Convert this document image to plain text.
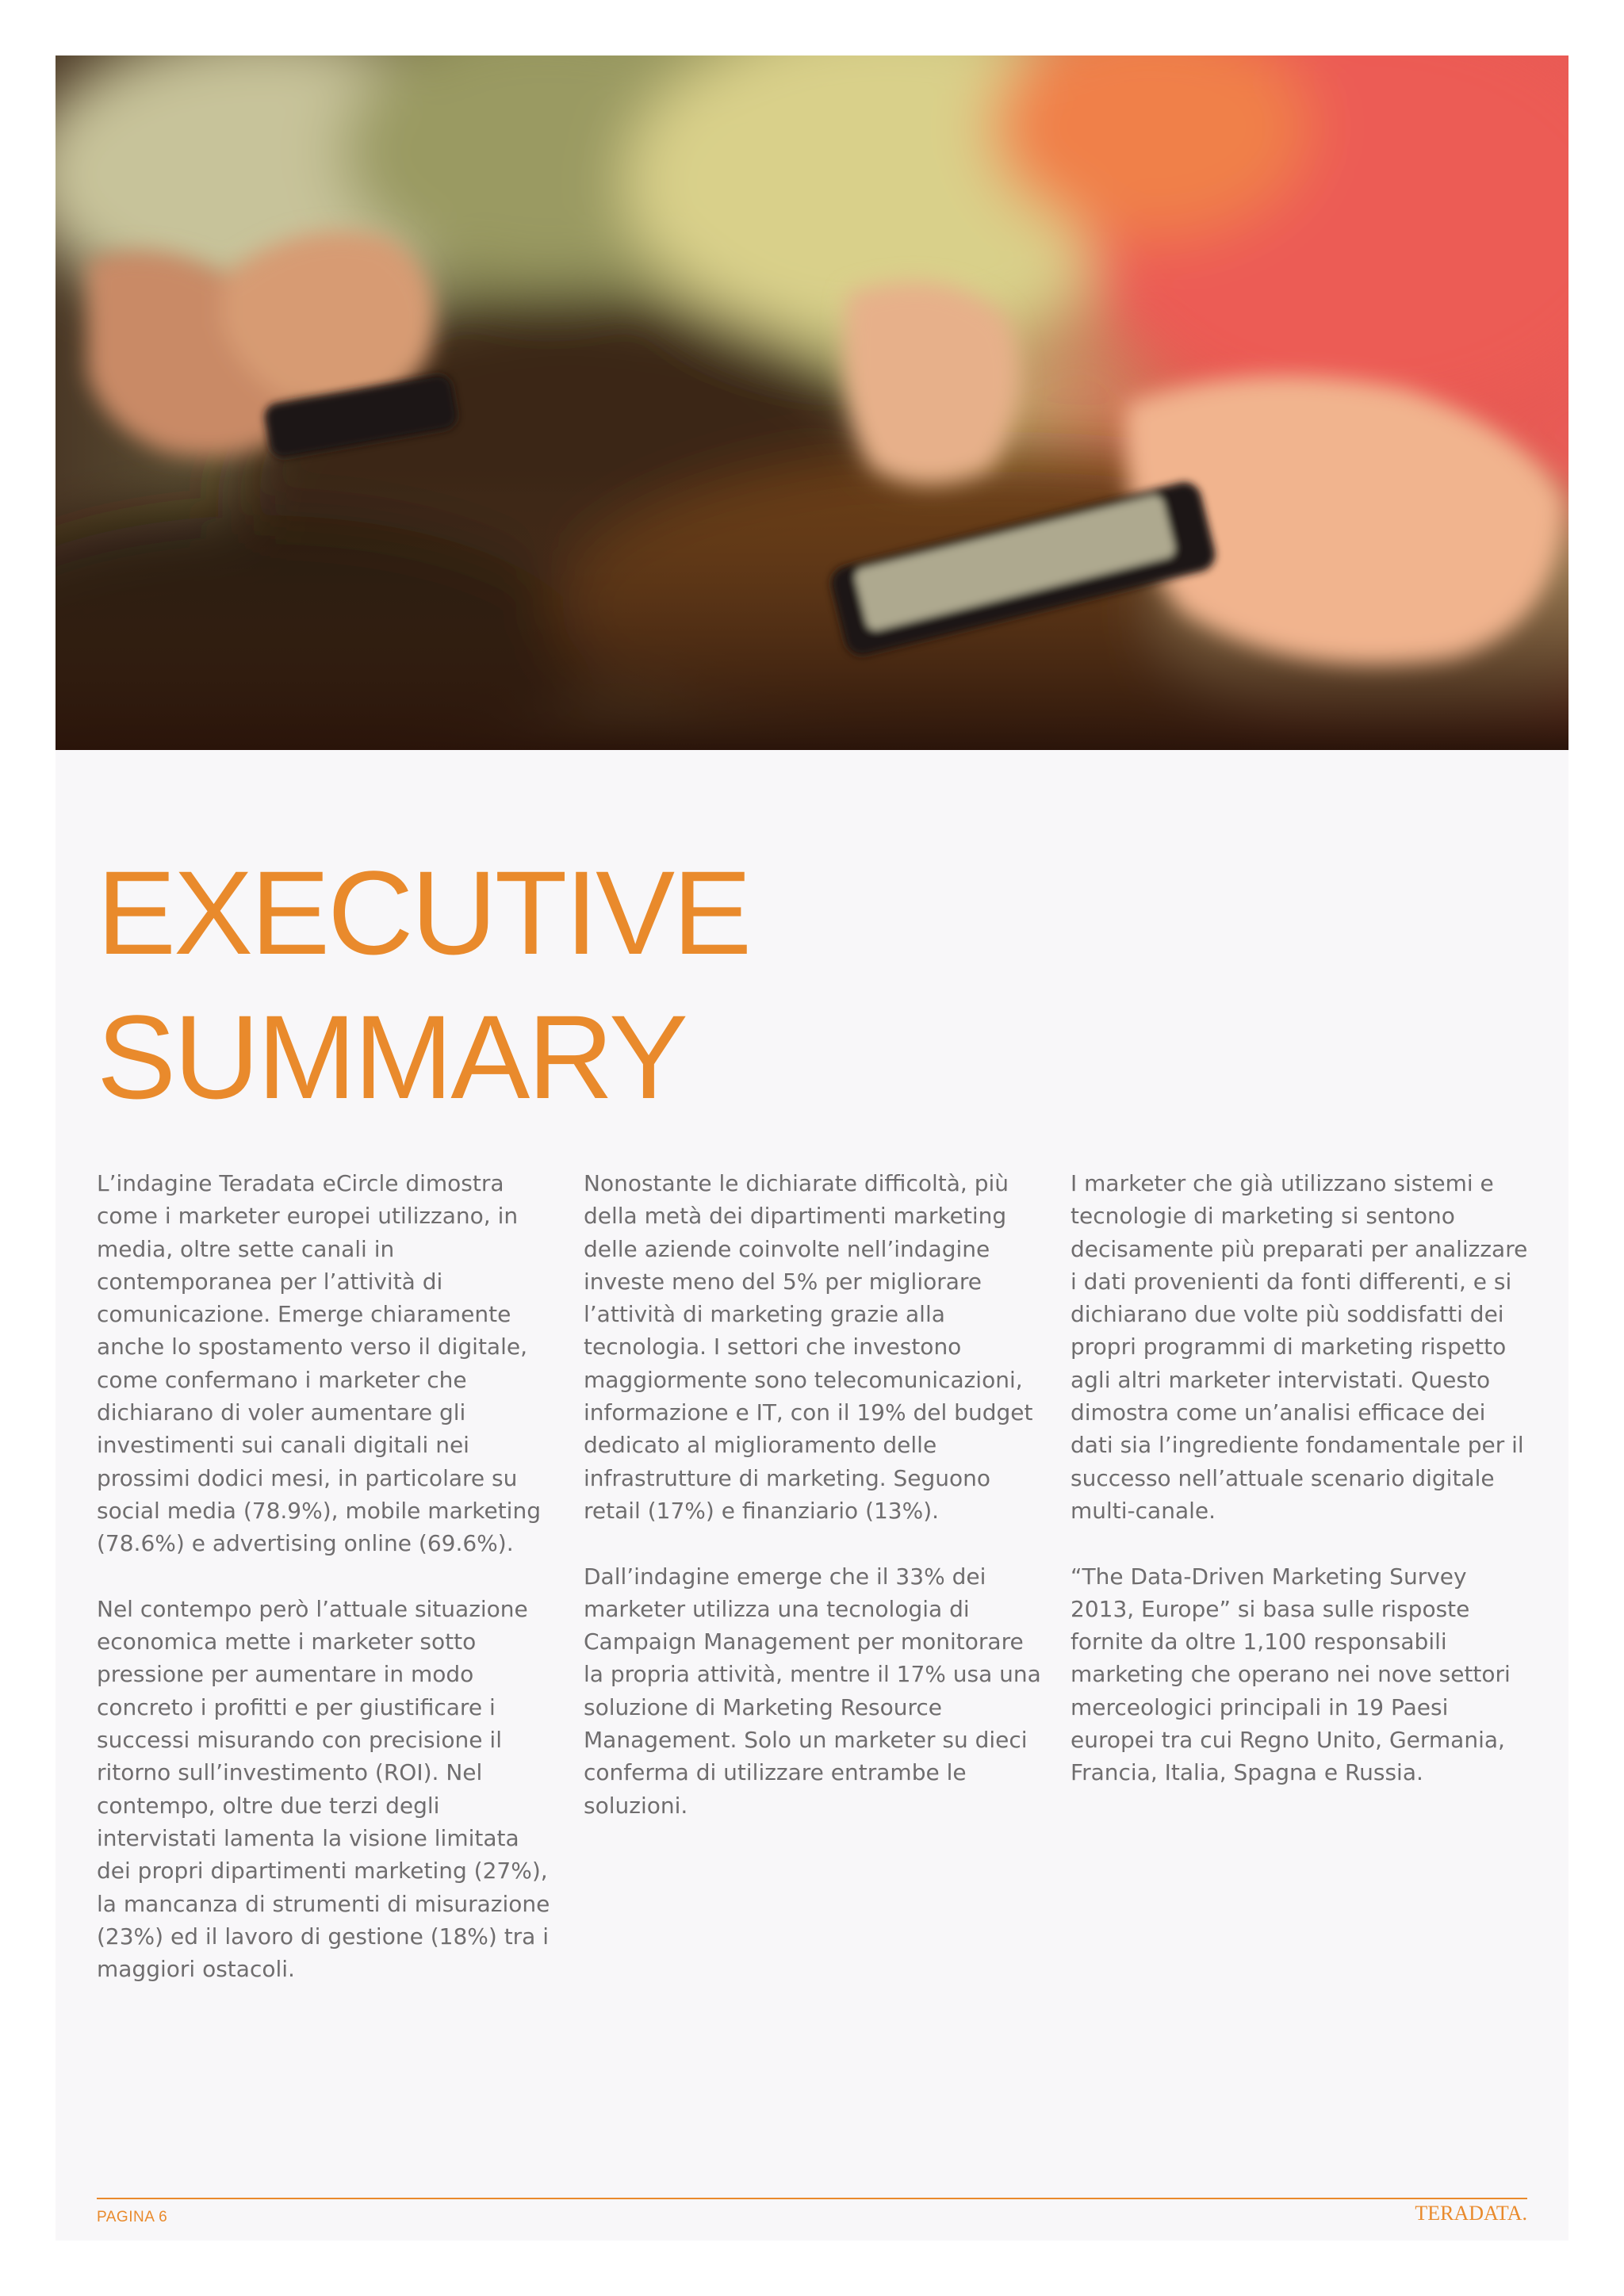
EXECUTIVE
SUMMARY

L’indagine Teradata eCircle dimostra come i marketer europei utilizzano, in media, oltre sette canali in contemporanea per l’attività di comunicazione. Emerge chiaramente anche lo spostamento verso il digitale, come confermano i marketer che dichiarano di voler aumentare gli investimenti sui canali digitali nei prossimi dodici mesi, in particolare su social media (78.9%), mobile marketing (78.6%) e advertising online (69.6%).

Nel contempo però l’attuale situazione economica mette i marketer sotto pressione per aumentare in modo concreto i profitti e per giustificare i successi misurando con precisione il ritorno sull’investimento (ROI). Nel contempo, oltre due terzi degli intervistati lamenta la visione limitata dei propri dipartimenti marketing (27%), la mancanza di strumenti di misurazione (23%) ed il lavoro di gestione (18%) tra i maggiori ostacoli.

Nonostante le dichiarate difficoltà, più della metà dei dipartimenti marketing delle aziende coinvolte nell’indagine investe meno del 5% per migliorare l’attività di marketing grazie alla tecnologia. I settori che investono maggiormente sono telecomunicazioni, informazione e IT, con il 19% del budget dedicato al miglioramento delle infrastrutture di marketing. Seguono retail (17%) e finanziario (13%).

Dall’indagine emerge che il 33% dei marketer utilizza una tecnologia di Campaign Management per monitorare la propria attività, mentre il 17% usa una soluzione di Marketing Resource Management. Solo un marketer su dieci conferma di utilizzare entrambe le soluzioni.

I marketer che già utilizzano sistemi e tecnologie di marketing si sentono decisamente più preparati per analizzare i dati provenienti da fonti differenti, e si dichiarano due volte più soddisfatti dei propri programmi di marketing rispetto agli altri marketer intervistati. Questo dimostra come un’analisi efficace dei dati sia l’ingrediente fondamentale per il successo nell’attuale scenario digitale multi-canale.

“The Data-Driven Marketing Survey 2013, Europe” si basa sulle risposte fornite da oltre 1,100 responsabili marketing che operano nei nove settori merceologici principali in 19 Paesi europei tra cui Regno Unito, Germania, Francia, Italia, Spagna e Russia.

PAGINA 6	TERADATA.
